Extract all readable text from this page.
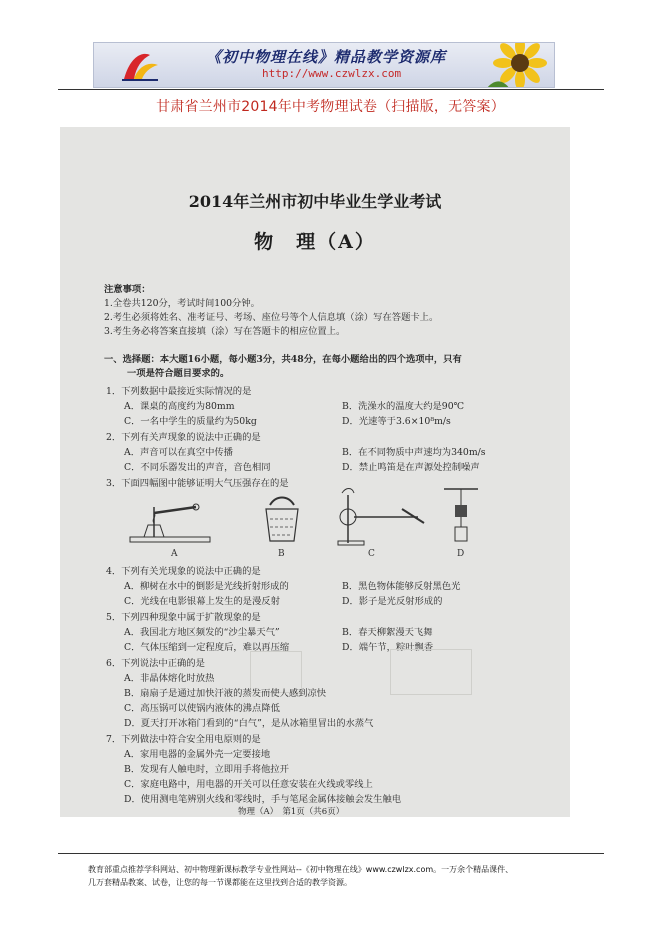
《初中物理在线》精品教学资源库
http://www.czwlzx.com
甘肃省兰州市2014年中考物理试卷（扫描版，无答案）
2014年兰州市初中毕业生学业考试
物　理（A）
注意事项：
1.全卷共120分，考试时间100分钟。
2.考生必须将姓名、准考证号、考场、座位号等个人信息填（涂）写在答题卡上。
3.考生务必将答案直接填（涂）写在答题卡的相应位置上。
一、选择题：本大题16小题，每小题3分，共48分，在每小题给出的四个选项中，只有
一项是符合题目要求的。
1．下列数据中最接近实际情况的是
A．课桌的高度约为80mm	B．洗澡水的温度大约是90℃
C．一名中学生的质量约为50kg	D．光速等于3.6×10⁸m/s
2．下列有关声现象的说法中正确的是
A．声音可以在真空中传播	B．在不同物质中声速均为340m/s
C．不同乐器发出的声音，音色相同	D．禁止鸣笛是在声源处控制噪声
3．下面四幅图中能够证明大气压强存在的是
A	B	C	D
4．下列有关光现象的说法中正确的是
A．柳树在水中的倒影是光线折射形成的	B．黑色物体能够反射黑色光
C．光线在电影银幕上发生的是漫反射	D．影子是光反射形成的
5．下列四种现象中属于扩散现象的是
A．我国北方地区频发的“沙尘暴天气”	B．春天柳絮漫天飞舞
C．气体压缩到一定程度后，难以再压缩	D．端午节，粽叶飘香
6．下列说法中正确的是
A．非晶体熔化时放热
B．扇扇子是通过加快汗液的蒸发而使人感到凉快
C．高压锅可以使锅内液体的沸点降低
D．夏天打开冰箱门看到的“白气”，是从冰箱里冒出的水蒸气
7．下列做法中符合安全用电原则的是
A．家用电器的金属外壳一定要接地
B．发现有人触电时，立即用手将他拉开
C．家庭电路中，用电器的开关可以任意安装在火线或零线上
D．使用测电笔辨别火线和零线时，手与笔尾金属体接触会发生触电
物理（A）　第1页（共6页）
教育部重点推荐学科网站、初中物理新课标教学专业性网站--《初中物理在线》www.czwlzx.com。一万余个精品课件、
几万套精品教案、试卷，让您的每一节课都能在这里找到合适的教学资源。
